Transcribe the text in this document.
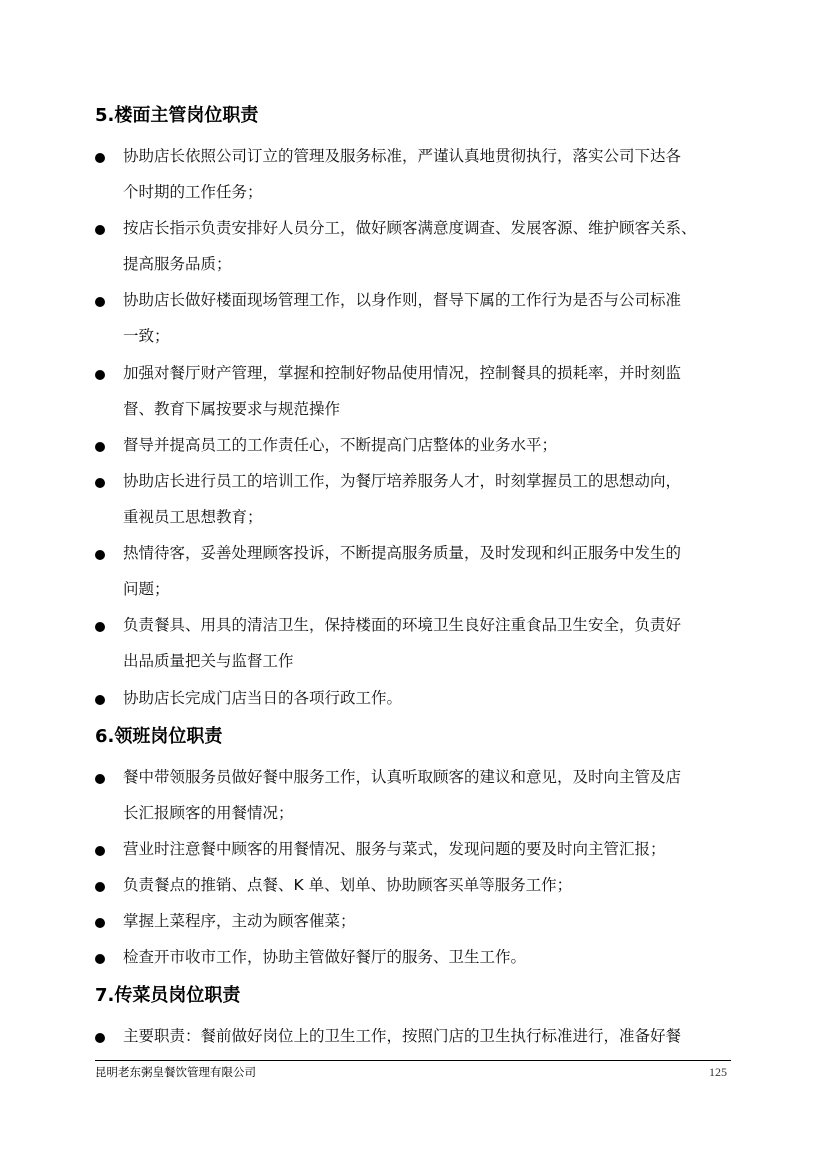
5.楼面主管岗位职责
协助店长依照公司订立的管理及服务标准，严谨认真地贯彻执行，落实公司下达各
个时期的工作任务；
按店长指示负责安排好人员分工，做好顾客满意度调查、发展客源、维护顾客关系、
提高服务品质；
协助店长做好楼面现场管理工作，以身作则，督导下属的工作行为是否与公司标准
一致；
加强对餐厅财产管理，掌握和控制好物品使用情况，控制餐具的损耗率，并时刻监
督、教育下属按要求与规范操作
督导并提高员工的工作责任心，不断提高门店整体的业务水平；
协助店长进行员工的培训工作，为餐厅培养服务人才，时刻掌握员工的思想动向，
重视员工思想教育；
热情待客，妥善处理顾客投诉，不断提高服务质量，及时发现和纠正服务中发生的
问题；
负责餐具、用具的清洁卫生，保持楼面的环境卫生良好注重食品卫生安全，负责好
出品质量把关与监督工作
协助店长完成门店当日的各项行政工作。
6.领班岗位职责
餐中带领服务员做好餐中服务工作，认真听取顾客的建议和意见，及时向主管及店
长汇报顾客的用餐情况；
营业时注意餐中顾客的用餐情况、服务与菜式，发现问题的要及时向主管汇报；
负责餐点的推销、点餐、K 单、划单、协助顾客买单等服务工作；
掌握上菜程序，主动为顾客催菜；
检查开市收市工作，协助主管做好餐厅的服务、卫生工作。
7.传菜员岗位职责
主要职责：餐前做好岗位上的卫生工作，按照门店的卫生执行标准进行，准备好餐
昆明老东粥皇餐饮管理有限公司	125
